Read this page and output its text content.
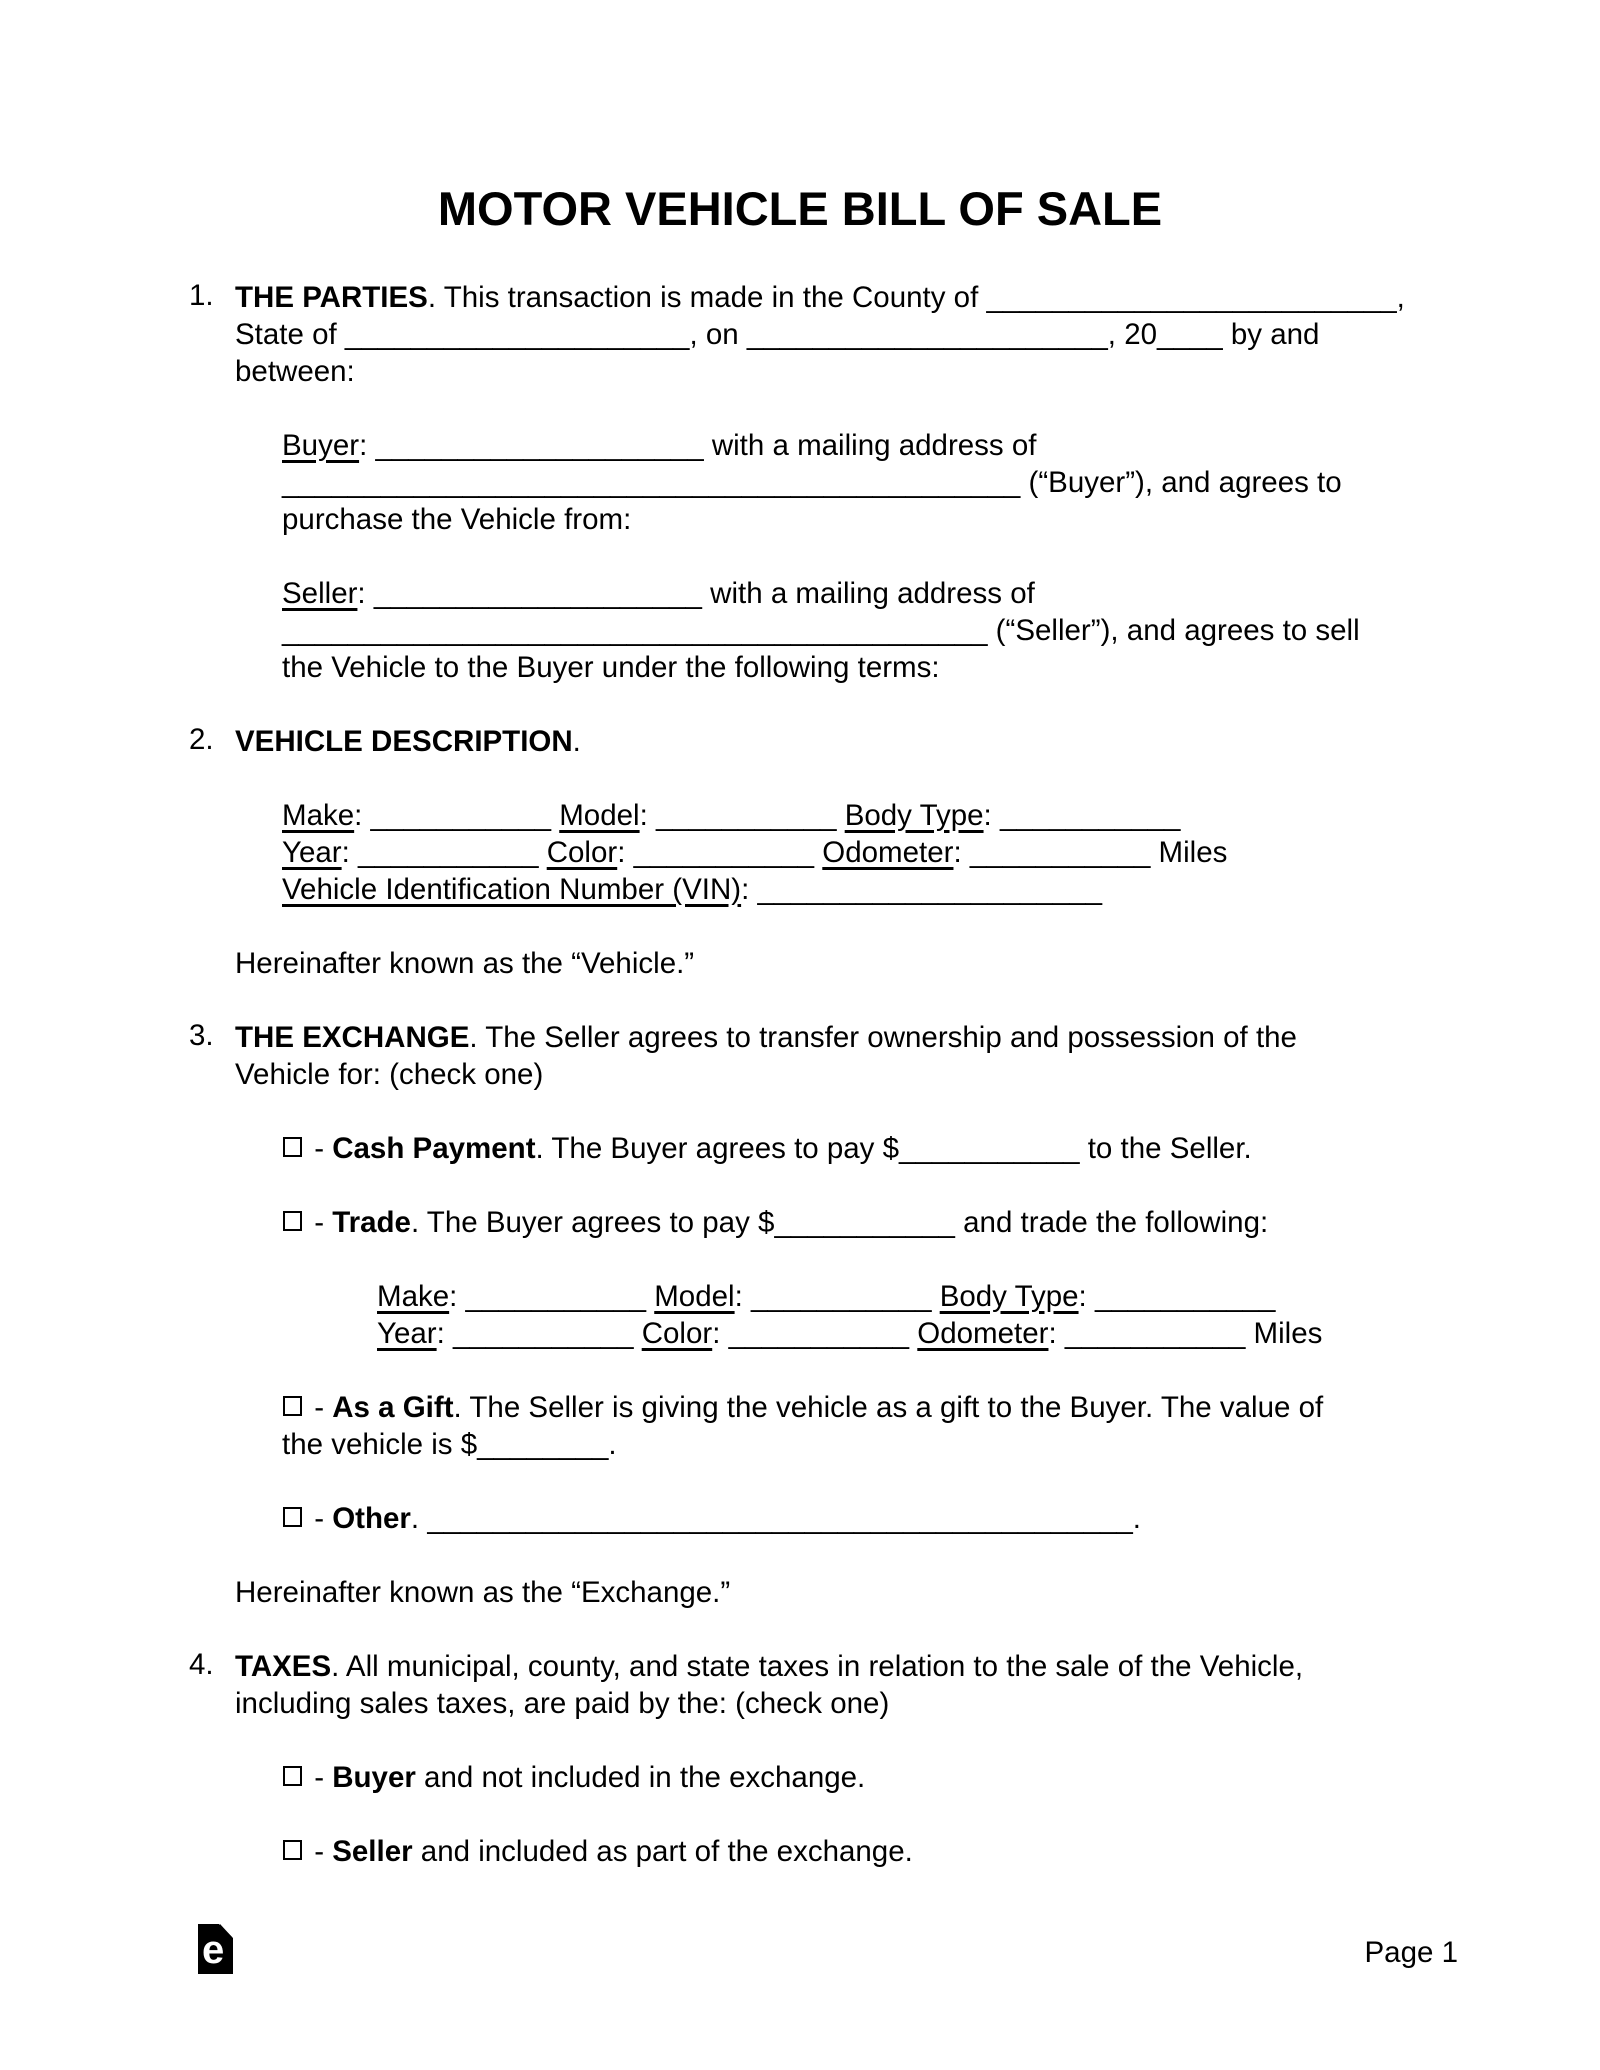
MOTOR VEHICLE BILL OF SALE
1. THE PARTIES. This transaction is made in the County of _________________________,
State of _____________________, on ______________________, 20____ by and
between:
Buyer: ____________________ with a mailing address of
_____________________________________________ (“Buyer”), and agrees to
purchase the Vehicle from:
Seller: ____________________ with a mailing address of
___________________________________________ (“Seller”), and agrees to sell
the Vehicle to the Buyer under the following terms:
2. VEHICLE DESCRIPTION.
Make: ___________ Model: ___________ Body Type: ___________
Year: ___________ Color: ___________ Odometer: ___________ Miles
Vehicle Identification Number (VIN): _____________________
Hereinafter known as the “Vehicle.”
3. THE EXCHANGE. The Seller agrees to transfer ownership and possession of the
Vehicle for: (check one)
- Cash Payment. The Buyer agrees to pay $___________ to the Seller.
- Trade. The Buyer agrees to pay $___________ and trade the following:
Make: ___________ Model: ___________ Body Type: ___________
Year: ___________ Color: ___________ Odometer: ___________ Miles
- As a Gift. The Seller is giving the vehicle as a gift to the Buyer. The value of
the vehicle is $________.
- Other. ___________________________________________.
Hereinafter known as the “Exchange.”
4. TAXES. All municipal, county, and state taxes in relation to the sale of the Vehicle,
including sales taxes, are paid by the: (check one)
- Buyer and not included in the exchange.
- Seller and included as part of the exchange.
e	Page 1
